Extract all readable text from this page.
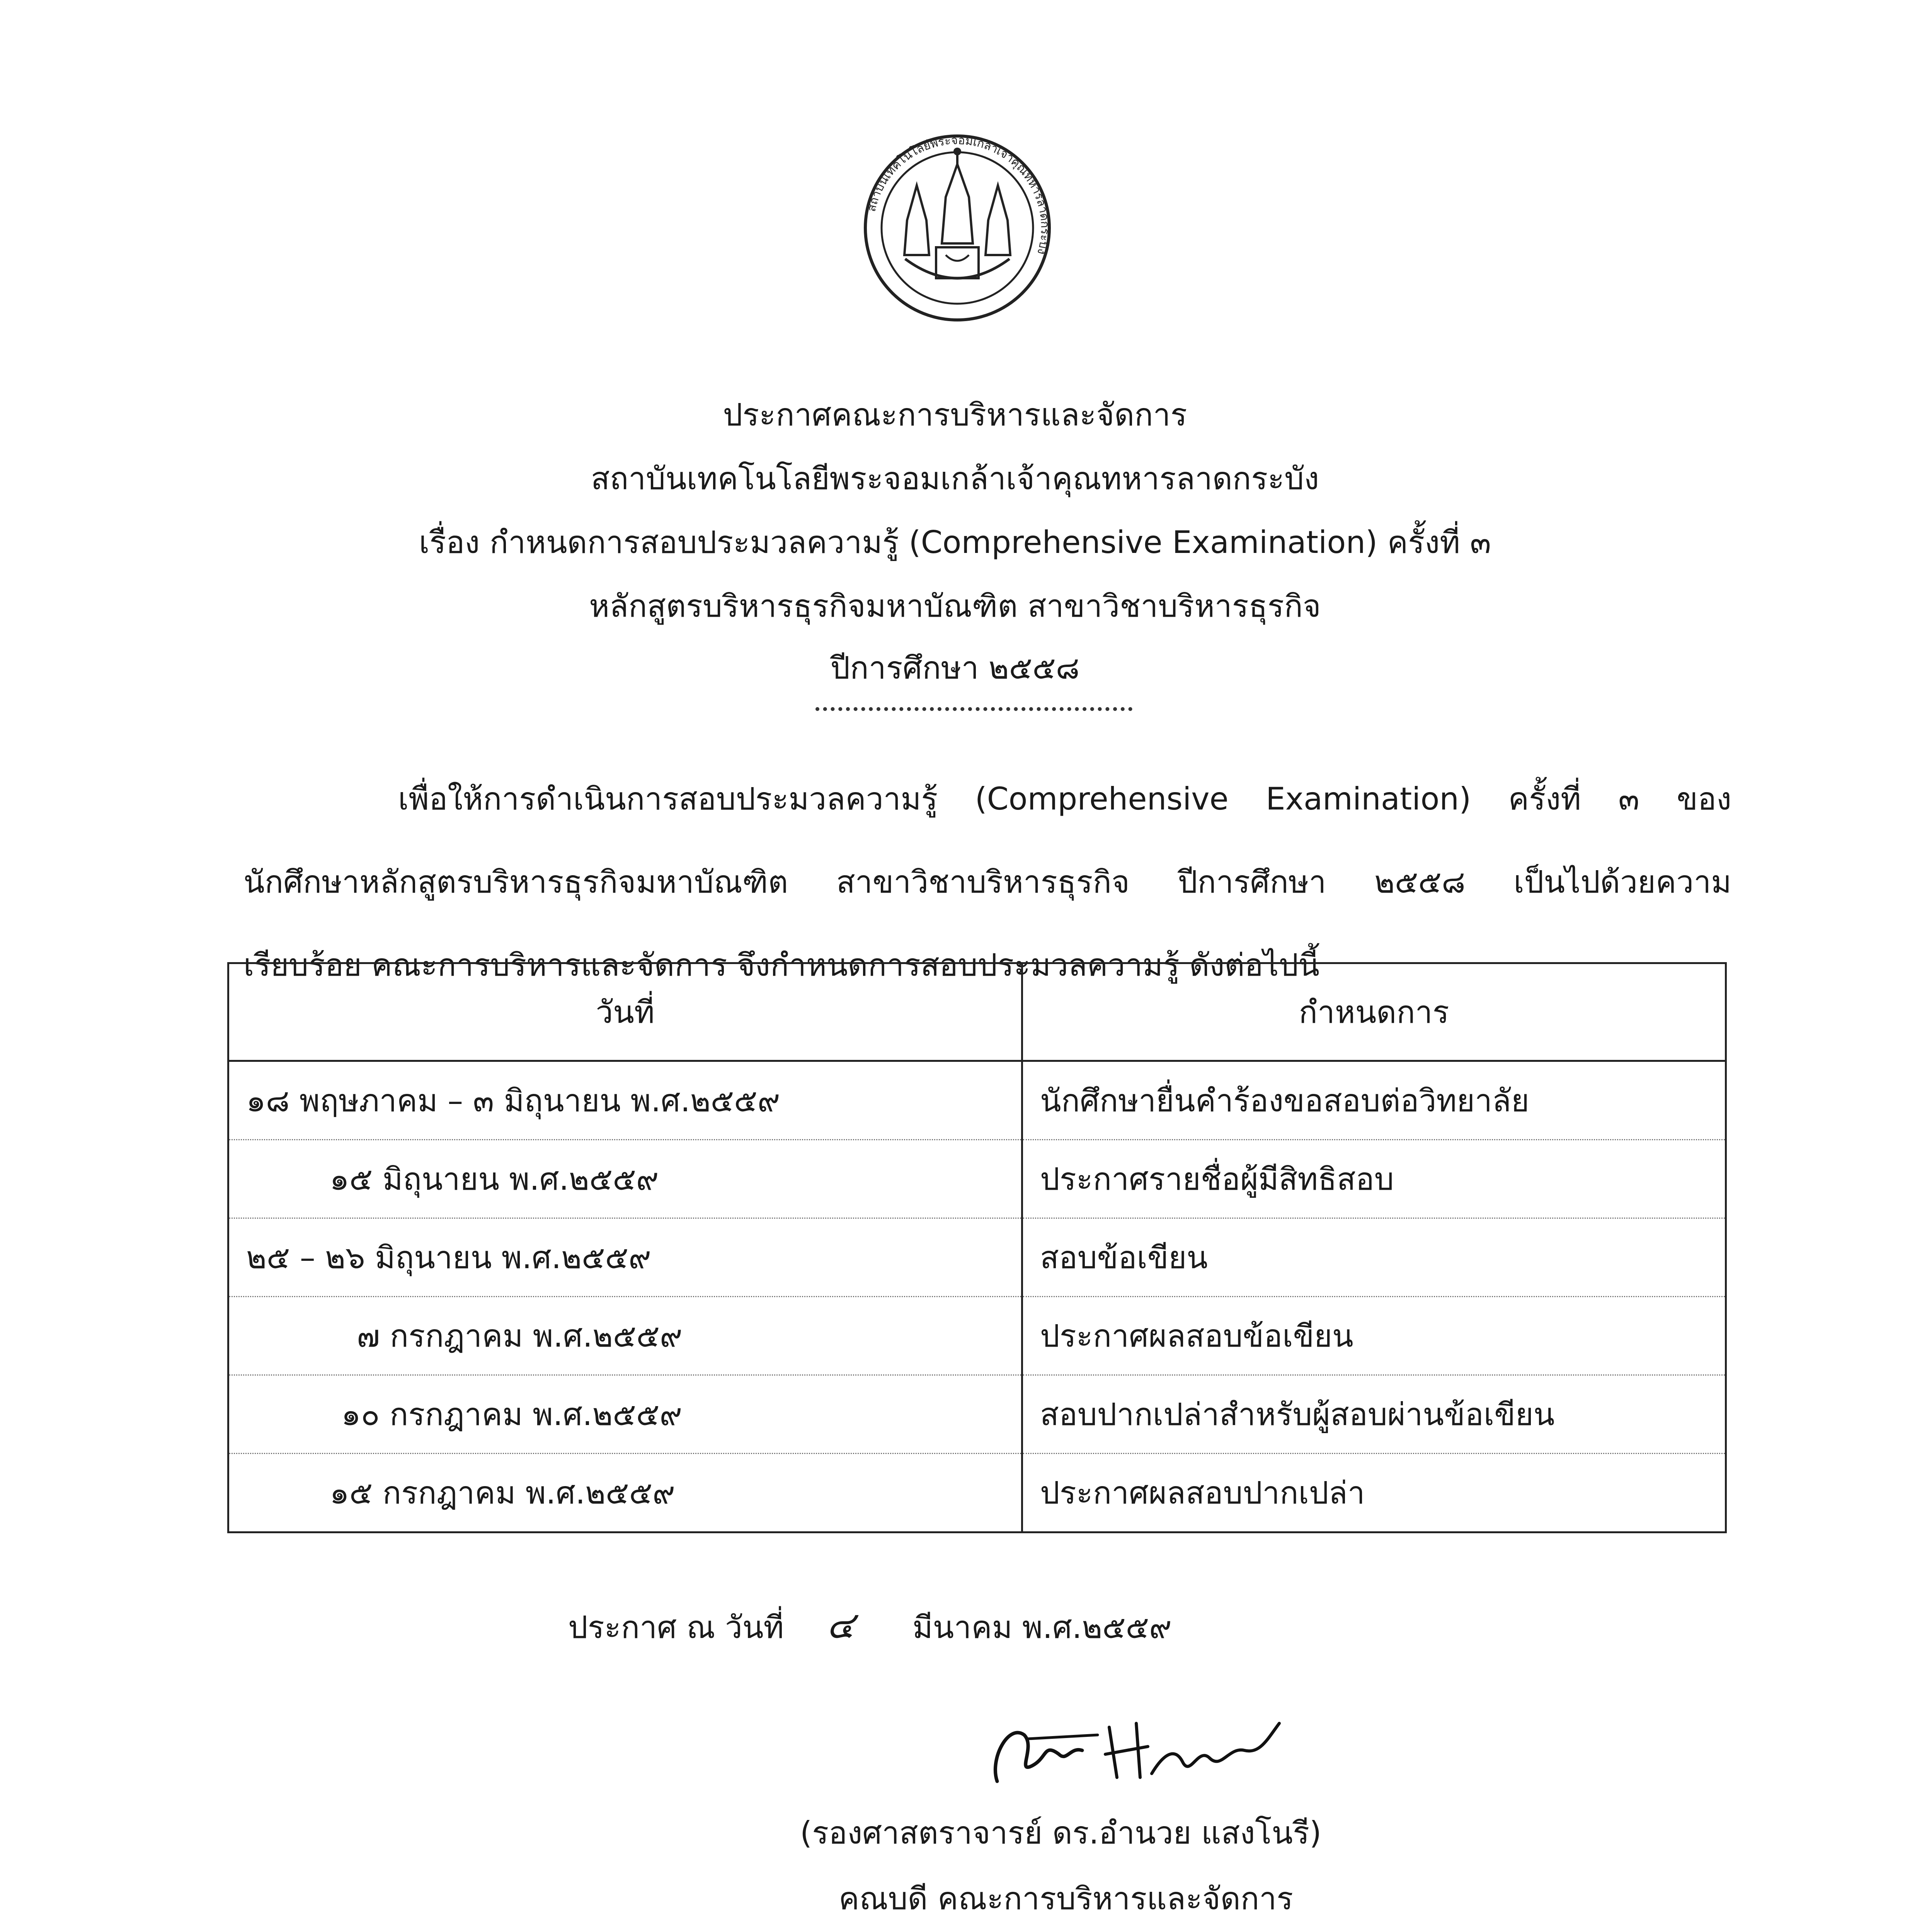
สถาบันเทคโนโลยีพระจอมเกล้าเจ้าคุณทหารลาดกระบัง
ประกาศคณะการบริหารและจัดการ
สถาบันเทคโนโลยีพระจอมเกล้าเจ้าคุณทหารลาดกระบัง
เรื่อง กำหนดการสอบประมวลความรู้ (Comprehensive Examination) ครั้งที่ ๓
หลักสูตรบริหารธุรกิจมหาบัณฑิต สาขาวิชาบริหารธุรกิจ
ปีการศึกษา ๒๕๕๘
เพื่อให้การดำเนินการสอบประมวลความรู้ (Comprehensive Examination) ครั้งที่ ๓ ของ
นักศึกษาหลักสูตรบริหารธุรกิจมหาบัณฑิต สาขาวิชาบริหารธุรกิจ ปีการศึกษา ๒๕๕๘ เป็นไปด้วยความ
เรียบร้อย คณะการบริหารและจัดการ จึงกำหนดการสอบประมวลความรู้ ดังต่อไปนี้
วันที่	กำหนดการ
๑๘ พฤษภาคม – ๓ มิถุนายน พ.ศ.๒๕๕๙	นักศึกษายื่นคำร้องขอสอบต่อวิทยาลัย
๑๕ มิถุนายน พ.ศ.๒๕๕๙	ประกาศรายชื่อผู้มีสิทธิสอบ
๒๕ – ๒๖ มิถุนายน พ.ศ.๒๕๕๙	สอบข้อเขียน
๗ กรกฎาคม พ.ศ.๒๕๕๙	ประกาศผลสอบข้อเขียน
๑๐ กรกฎาคม พ.ศ.๒๕๕๙	สอบปากเปล่าสำหรับผู้สอบผ่านข้อเขียน
๑๕ กรกฎาคม พ.ศ.๒๕๕๙	ประกาศผลสอบปากเปล่า
ประกาศ ณ วันที่ ๔ มีนาคม พ.ศ.๒๕๕๙
(รองศาสตราจารย์ ดร.อำนวย แสงโนรี)
คณบดี คณะการบริหารและจัดการ
